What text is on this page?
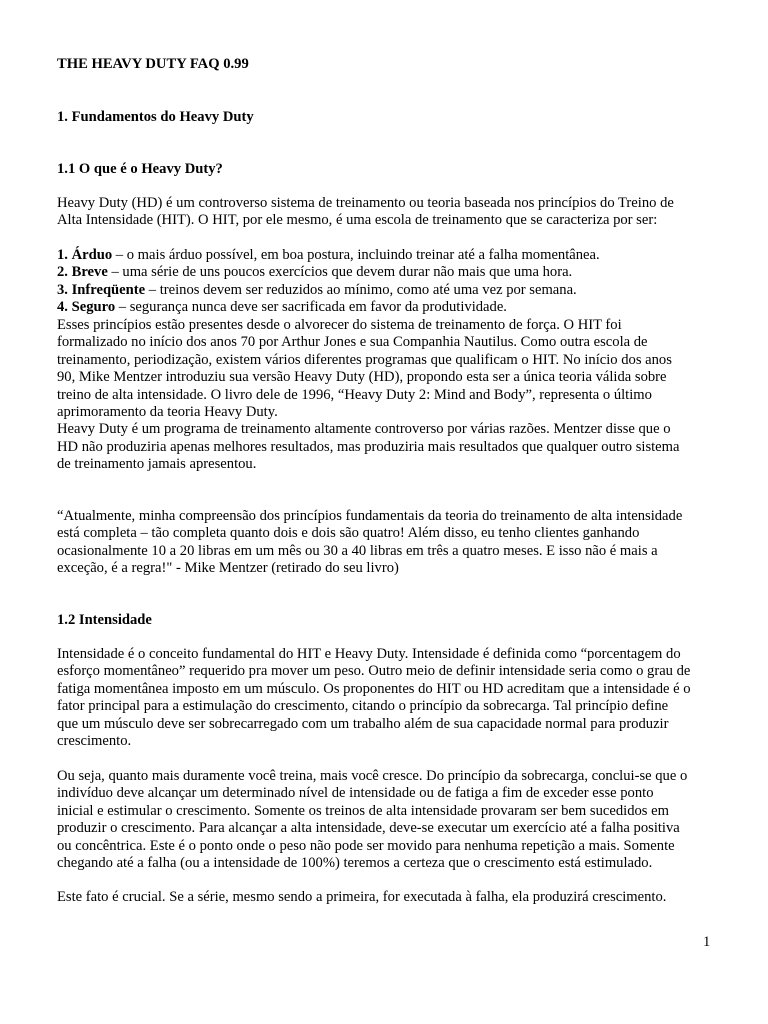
THE HEAVY DUTY FAQ 0.99

1. Fundamentos do Heavy Duty

1.1 O que é o Heavy Duty?

Heavy Duty (HD) é um controverso sistema de treinamento ou teoria baseada nos princípios do Treino de
Alta Intensidade (HIT). O HIT, por ele mesmo, é uma escola de treinamento que se caracteriza por ser:
1. Árduo – o mais árduo possível, em boa postura, incluindo treinar até a falha momentânea.
2. Breve – uma série de uns poucos exercícios que devem durar não mais que uma hora.
3. Infreqüente – treinos devem ser reduzidos ao mínimo, como até uma vez por semana.
4. Seguro – segurança nunca deve ser sacrificada em favor da produtividade.
Esses princípios estão presentes desde o alvorecer do sistema de treinamento de força. O HIT foi
formalizado no início dos anos 70 por Arthur Jones e sua Companhia Nautilus. Como outra escola de
treinamento, periodização, existem vários diferentes programas que qualificam o HIT. No início dos anos
90, Mike Mentzer introduziu sua versão Heavy Duty (HD), propondo esta ser a única teoria válida sobre
treino de alta intensidade. O livro dele de 1996, “Heavy Duty 2: Mind and Body”, representa o último
aprimoramento da teoria Heavy Duty.
Heavy Duty é um programa de treinamento altamente controverso por várias razões. Mentzer disse que o
HD não produziria apenas melhores resultados, mas produziria mais resultados que qualquer outro sistema
de treinamento jamais apresentou.
“Atualmente, minha compreensão dos princípios fundamentais da teoria do treinamento de alta intensidade
está completa – tão completa quanto dois e dois são quatro! Além disso, eu tenho clientes ganhando
ocasionalmente 10 a 20 libras em um mês ou 30 a 40 libras em três a quatro meses. E isso não é mais a
exceção, é a regra!" - Mike Mentzer (retirado do seu livro)

1.2 Intensidade

Intensidade é o conceito fundamental do HIT e Heavy Duty. Intensidade é definida como “porcentagem do
esforço momentâneo” requerido pra mover um peso. Outro meio de definir intensidade seria como o grau de
fatiga momentânea imposto em um músculo. Os proponentes do HIT ou HD acreditam que a intensidade é o
fator principal para a estimulação do crescimento, citando o princípio da sobrecarga. Tal princípio define
que um músculo deve ser sobrecarregado com um trabalho além de sua capacidade normal para produzir
crescimento.
Ou seja, quanto mais duramente você treina, mais você cresce. Do princípio da sobrecarga, conclui-se que o
indivíduo deve alcançar um determinado nível de intensidade ou de fatiga a fim de exceder esse ponto
inicial e estimular o crescimento. Somente os treinos de alta intensidade provaram ser bem sucedidos em
produzir o crescimento. Para alcançar a alta intensidade, deve-se executar um exercício até a falha positiva
ou concêntrica. Este é o ponto onde o peso não pode ser movido para nenhuma repetição a mais. Somente
chegando até a falha (ou a intensidade de 100%) teremos a certeza que o crescimento está estimulado.
Este fato é crucial. Se a série, mesmo sendo a primeira, for executada à falha, ela produzirá crescimento.
1
